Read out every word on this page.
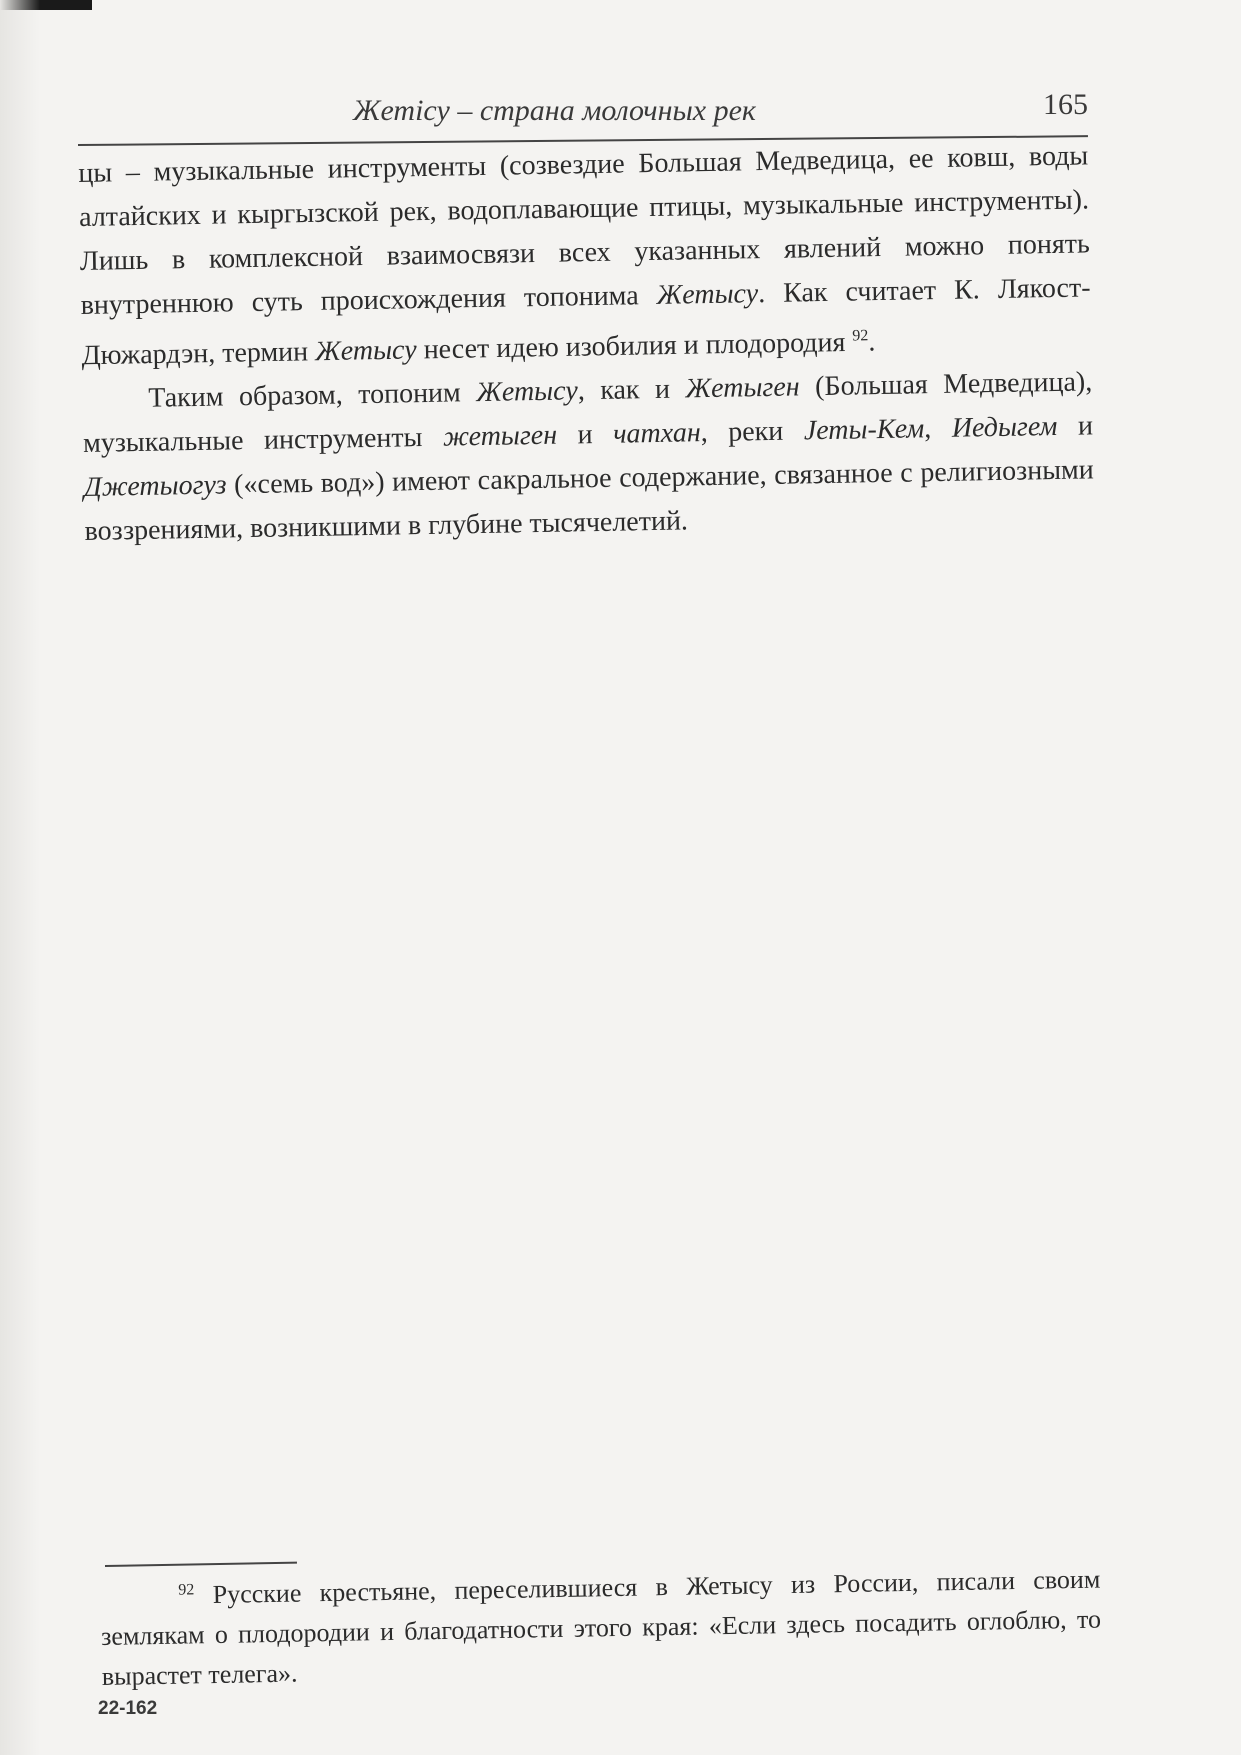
Жетісу – страна молочных рек	165

цы – музыкальные инструменты (созвездие Большая Медведица, ее ковш, воды алтайских и кыргызской рек, водоплавающие птицы, музыкальные инструменты). Лишь в комплексной взаимосвязи всех указанных явлений можно понять внутреннюю суть происхождения топонима Жетысу. Как считает К. Лякост-Дюжардэн, термин Жетысу несет идею изобилия и плодородия $^{92}$.

Таким образом, топоним Жетысу, как и Жетыген (Большая Медведица), музыкальные инструменты жетыген и чатхан, реки Јеты-Кем, Иедыгем и Джетыогуз («семь вод») имеют сакральное содержание, связанное с религиозными воззрениями, возникшими в глубине тысячелетий.

$^{92}$ Русские крестьяне, переселившиеся в Жетысу из России, писали своим землякам о плодородии и благодатности этого края: «Если здесь посадить оглоблю, то вырастет телега».

22-162
